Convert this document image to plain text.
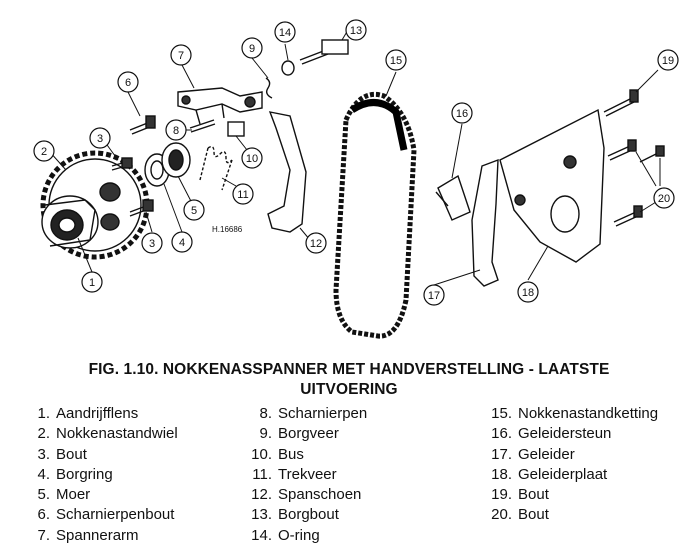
1
2
3
3 4
5
6
7
8
9
10
11
12
13
14
15
16
17	18
19
20
H.16686
FIG. 1.10. NOKKENASSPANNER MET HANDVERSTELLING - LAATSTE
UITVOERING
1. Aandrijfflens
2. Nokkenastandwiel
3. Bout
4. Borgring
5. Moer
6. Scharnierpenbout
7. Spannerarm
8. Scharnierpen
9. Borgveer
10. Bus
11. Trekveer
12. Spanschoen
13. Borgbout
14. O-ring
15. Nokkenastandketting
16. Geleidersteun
17. Geleider
18. Geleiderplaat
19. Bout
20. Bout
